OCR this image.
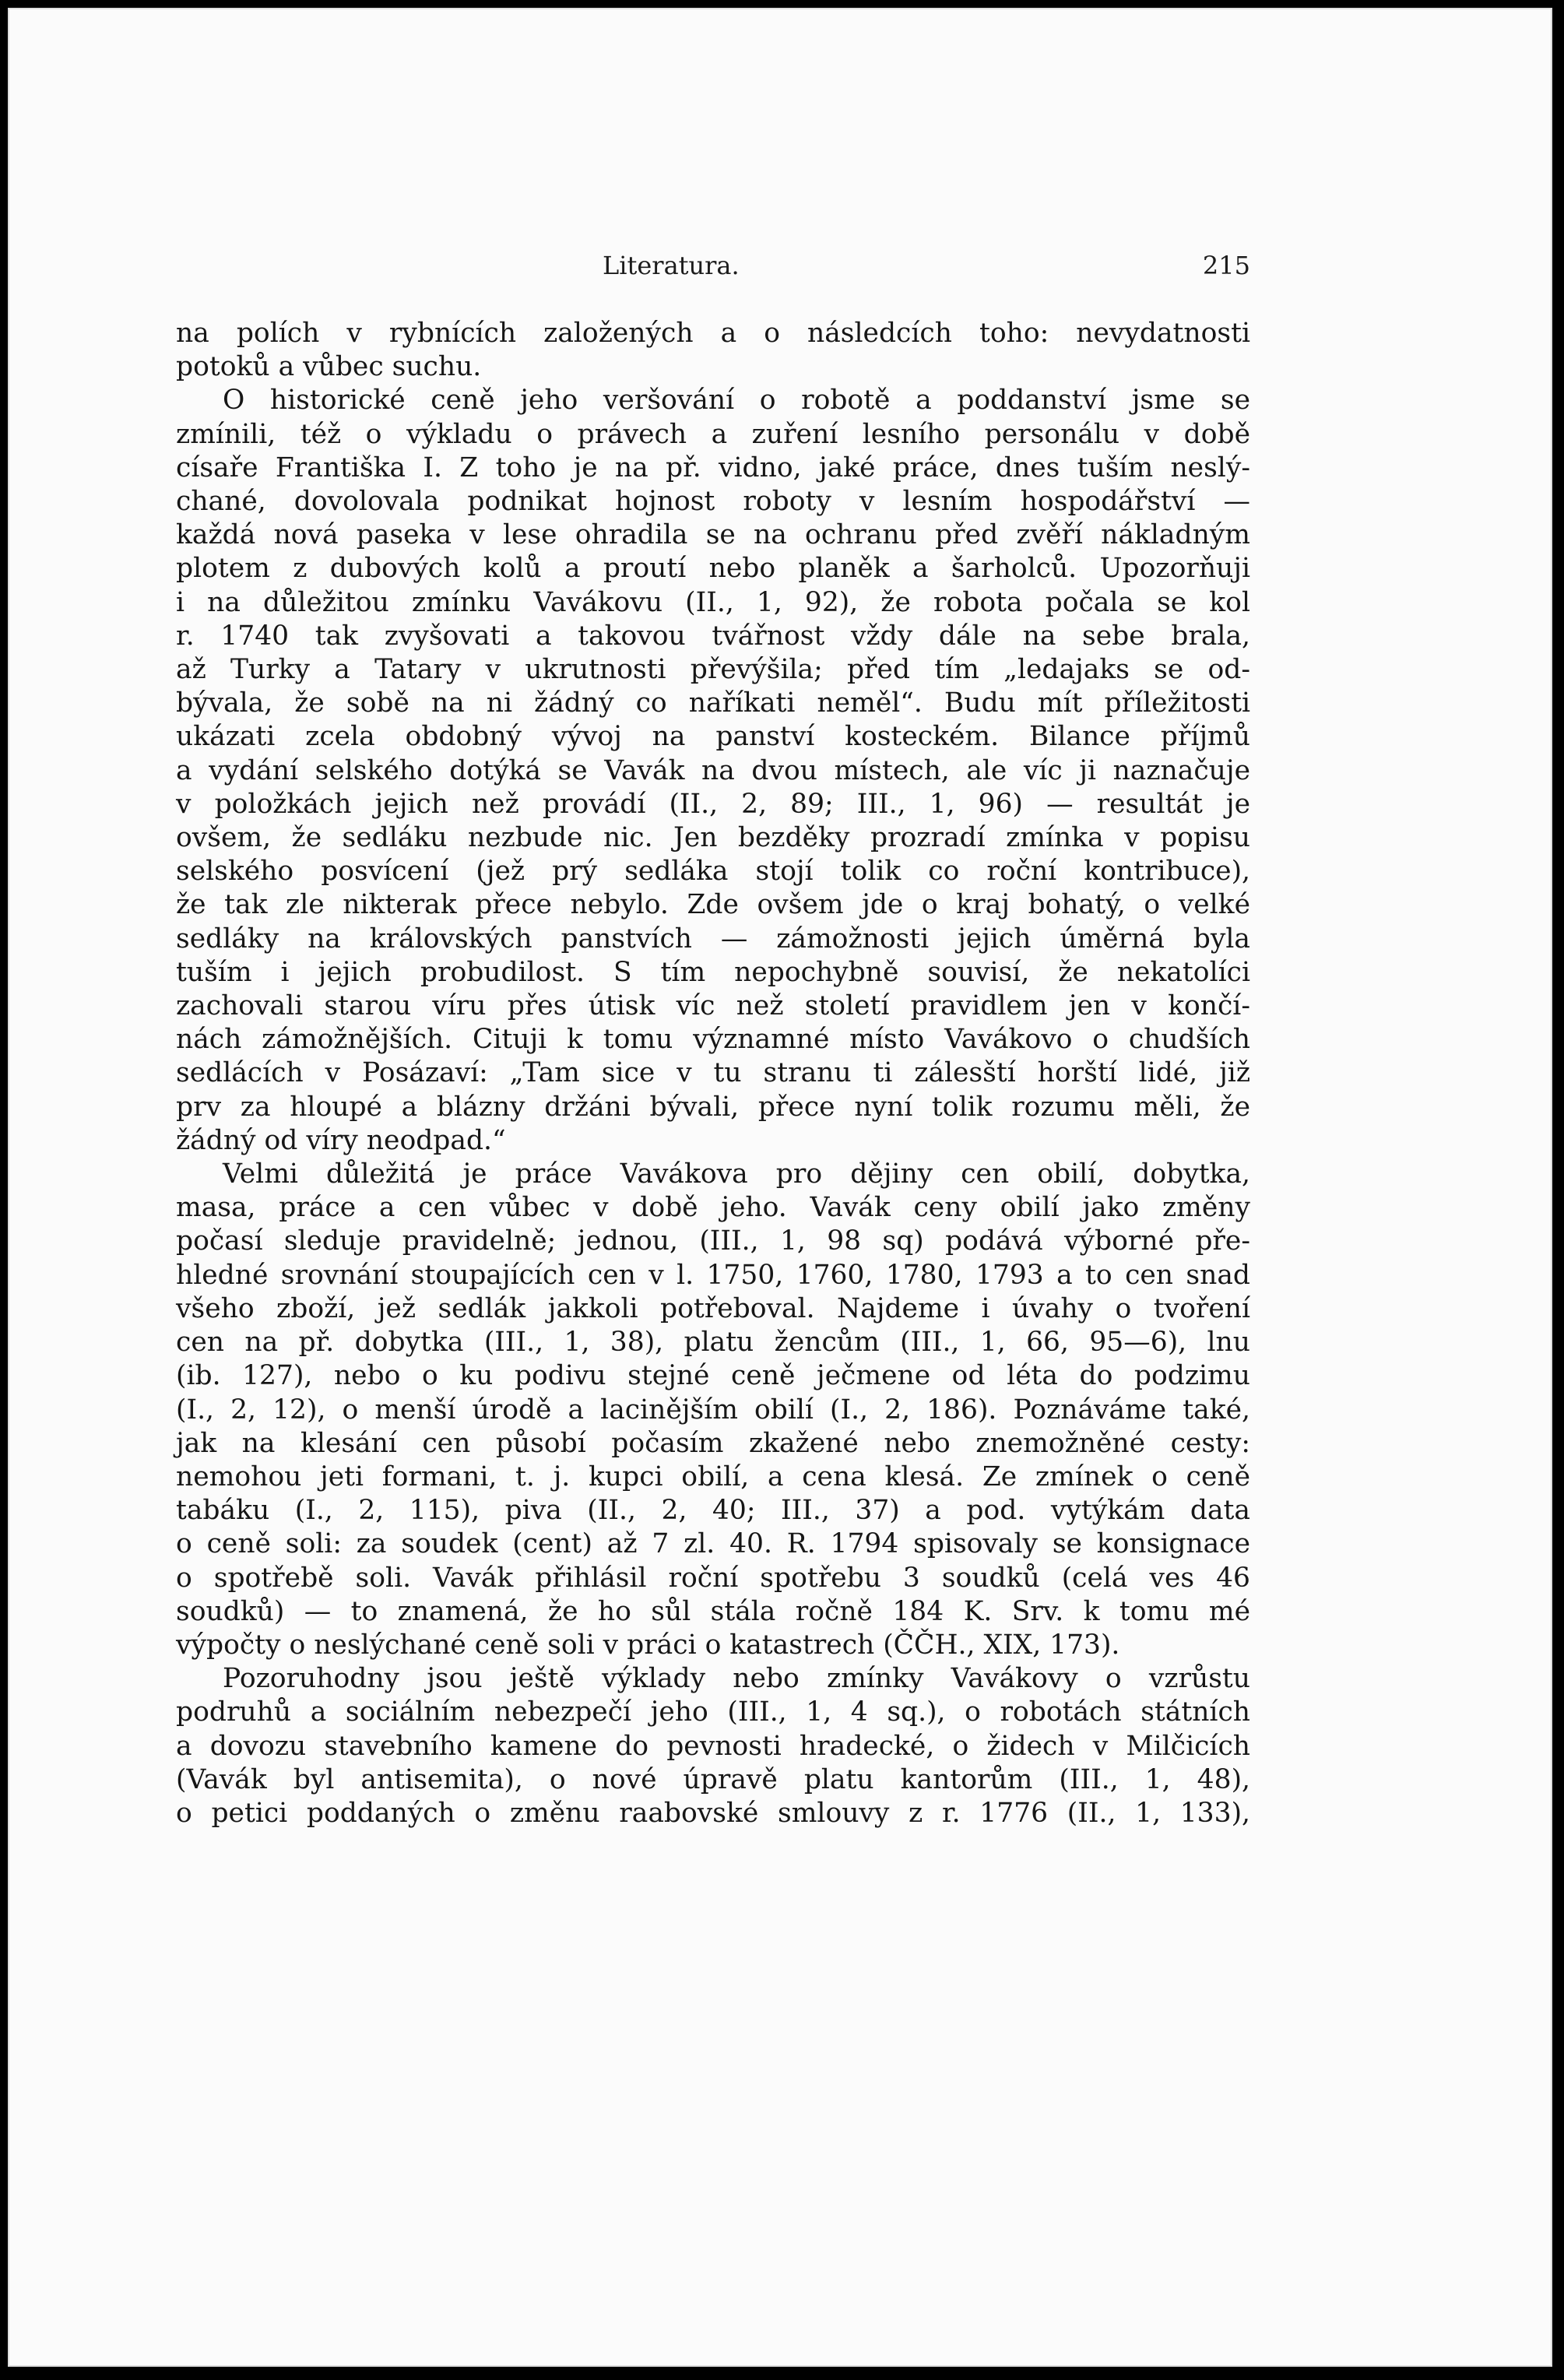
Literatura.	215
na polích v rybnících založených a o následcích toho: nevydatnosti
potoků a vůbec suchu.
O historické ceně jeho veršování o robotě a poddanství jsme se
zmínili, též o výkladu o právech a zuření lesního personálu v době
císaře Františka I. Z toho je na př. vidno, jaké práce, dnes tuším neslý-
chané, dovolovala podnikat hojnost roboty v lesním hospodářství —
každá nová paseka v lese ohradila se na ochranu před zvěří nákladným
plotem z dubových kolů a proutí nebo planěk a šarholců. Upozorňuji
i na důležitou zmínku Vavákovu (II., 1, 92), že robota počala se kol
r. 1740 tak zvyšovati a takovou tvářnost vždy dále na sebe brala,
až Turky a Tatary v ukrutnosti převýšila; před tím „ledajaks se od-
bývala, že sobě na ni žádný co naříkati neměl“. Budu mít příležitosti
ukázati zcela obdobný vývoj na panství kosteckém. Bilance příjmů
a vydání selského dotýká se Vavák na dvou místech, ale víc ji naznačuje
v položkách jejich než provádí (II., 2, 89; III., 1, 96) — resultát je
ovšem, že sedláku nezbude nic. Jen bezděky prozradí zmínka v popisu
selského posvícení (jež prý sedláka stojí tolik co roční kontribuce),
že tak zle nikterak přece nebylo. Zde ovšem jde o kraj bohatý, o velké
sedláky na královských panstvích — zámožnosti jejich úměrná byla
tuším i jejich probudilost. S tím nepochybně souvisí, že nekatolíci
zachovali starou víru přes útisk víc než století pravidlem jen v končí-
nách zámožnějších. Cituji k tomu významné místo Vavákovo o chudších
sedlácích v Posázaví: „Tam sice v tu stranu ti zálesští horští lidé, již
prv za hloupé a blázny držáni bývali, přece nyní tolik rozumu měli, že
žádný od víry neodpad.“
Velmi důležitá je práce Vavákova pro dějiny cen obilí, dobytka,
masa, práce a cen vůbec v době jeho. Vavák ceny obilí jako změny
počasí sleduje pravidelně; jednou, (III., 1, 98 sq) podává výborné pře-
hledné srovnání stoupajících cen v l. 1750, 1760, 1780, 1793 a to cen snad
všeho zboží, jež sedlák jakkoli potřeboval. Najdeme i úvahy o tvoření
cen na př. dobytka (III., 1, 38), platu žencům (III., 1, 66, 95—6), lnu
(ib. 127), nebo o ku podivu stejné ceně ječmene od léta do podzimu
(I., 2, 12), o menší úrodě a lacinějším obilí (I., 2, 186). Poznáváme také,
jak na klesání cen působí počasím zkažené nebo znemožněné cesty:
nemohou jeti formani, t. j. kupci obilí, a cena klesá. Ze zmínek o ceně
tabáku (I., 2, 115), piva (II., 2, 40; III., 37) a pod. vytýkám data
o ceně soli: za soudek (cent) až 7 zl. 40. R. 1794 spisovaly se konsignace
o spotřebě soli. Vavák přihlásil roční spotřebu 3 soudků (celá ves 46
soudků) — to znamená, že ho sůl stála ročně 184 K. Srv. k tomu mé
výpočty o neslýchané ceně soli v práci o katastrech (ČČH., XIX, 173).
Pozoruhodny jsou ještě výklady nebo zmínky Vavákovy o vzrůstu
podruhů a sociálním nebezpečí jeho (III., 1, 4 sq.), o robotách státních
a dovozu stavebního kamene do pevnosti hradecké, o židech v Milčicích
(Vavák byl antisemita), o nové úpravě platu kantorům (III., 1, 48),
o petici poddaných o změnu raabovské smlouvy z r. 1776 (II., 1, 133),
